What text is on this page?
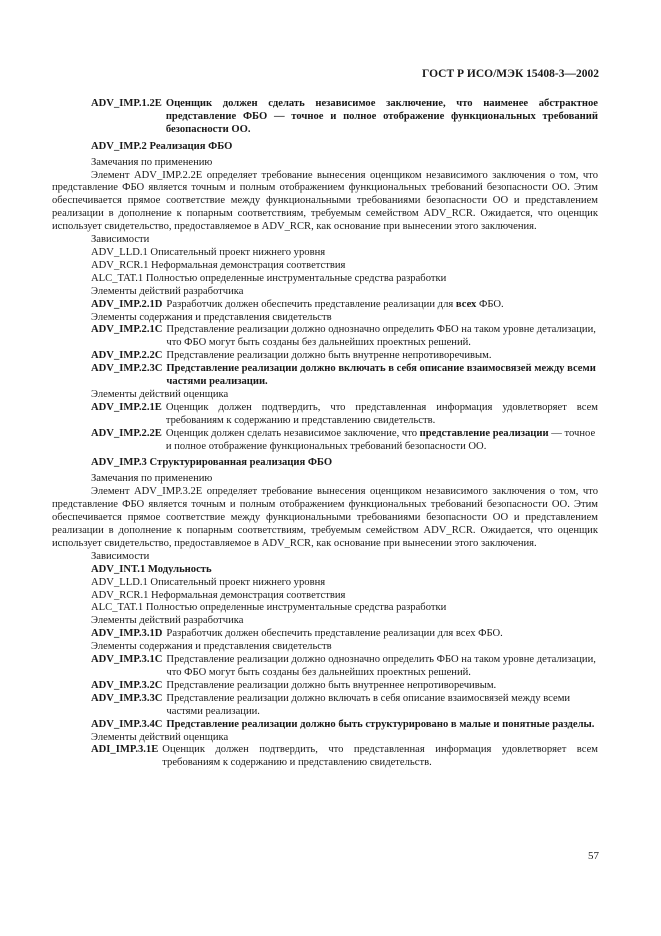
ГОСТ Р ИСО/МЭК 15408-3—2002
ADV_IMP.1.2E Оценщик должен сделать независимое заключение, что наименее абстрактное представление ФБО — точное и полное отображение функциональных требований безопасности ОО.
ADV_IMP.2 Реализация ФБО

Замечания по применению

Элемент ADV_IMP.2.2E определяет требование вынесения оценщиком независимого заключения о том, что представление ФБО является точным и полным отображением функциональных требований безопасности ОО. Этим обеспечивается прямое соответствие между функциональными требованиями безопасности ОО и представлением реализации в дополнение к попарным соответствиям, требуемым семейством ADV_RCR. Ожидается, что оценщик использует свидетельство, предоставляемое в ADV_RCR, как основание при вынесении этого заключения.

Зависимости

ADV_LLD.1 Описательный проект нижнего уровня

ADV_RCR.1 Неформальная демонстрация соответствия

ALC_TAT.1 Полностью определенные инструментальные средства разработки

Элементы действий разработчика

ADV_IMP.2.1D Разработчик должен обеспечить представление реализации для всех ФБО.

Элементы содержания и представления свидетельств

ADV_IMP.2.1C Представление реализации должно однозначно определить ФБО на таком уровне детализации, что ФБО могут быть созданы без дальнейших проектных решений.
ADV_IMP.2.2C Представление реализации должно быть внутренне непротиворечивым.
ADV_IMP.2.3C Представление реализации должно включать в себя описание взаимосвязей между всеми частями реализации.

Элементы действий оценщика

ADV_IMP.2.1E Оценщик должен подтвердить, что представленная информация удовлетворяет всем требованиям к содержанию и представлению свидетельств.
ADV_IMP.2.2E Оценщик должен сделать независимое заключение, что представление реализации — точное и полное отображение функциональных требований безопасности ОО.
ADV_IMP.3 Структурированная реализация ФБО

Замечания по применению

Элемент ADV_IMP.3.2E определяет требование вынесения оценщиком независимого заключения о том, что представление ФБО является точным и полным отображением функциональных требований безопасности ОО. Этим обеспечивается прямое соответствие между функциональными требованиями безопасности ОО и представлением реализации в дополнение к попарным соответствиям, требуемым семейством ADV_RCR. Ожидается, что оценщик использует свидетельство, предоставляемое в ADV_RCR, как основание при вынесении этого заключения.

Зависимости

ADV_INT.1 Модульность

ADV_LLD.1 Описательный проект нижнего уровня

ADV_RCR.1 Неформальная демонстрация соответствия

ALC_TAT.1 Полностью определенные инструментальные средства разработки

Элементы действий разработчика

ADV_IMP.3.1D Разработчик должен обеспечить представление реализации для всех ФБО.

Элементы содержания и представления свидетельств

ADV_IMP.3.1C Представление реализации должно однозначно определить ФБО на таком уровне детализации, что ФБО могут быть созданы без дальнейших проектных решений.
ADV_IMP.3.2C Представление реализации должно быть внутреннее непротиворечивым.
ADV_IMP.3.3C Представление реализации должно включать в себя описание взаимосвязей между всеми частями реализации.
ADV_IMP.3.4C Представление реализации должно быть структурировано в малые и понятные разделы.

Элементы действий оценщика

ADI_IMP.3.1E Оценщик должен подтвердить, что представленная информация удовлетворяет всем требованиям к содержанию и представлению свидетельств.
57
